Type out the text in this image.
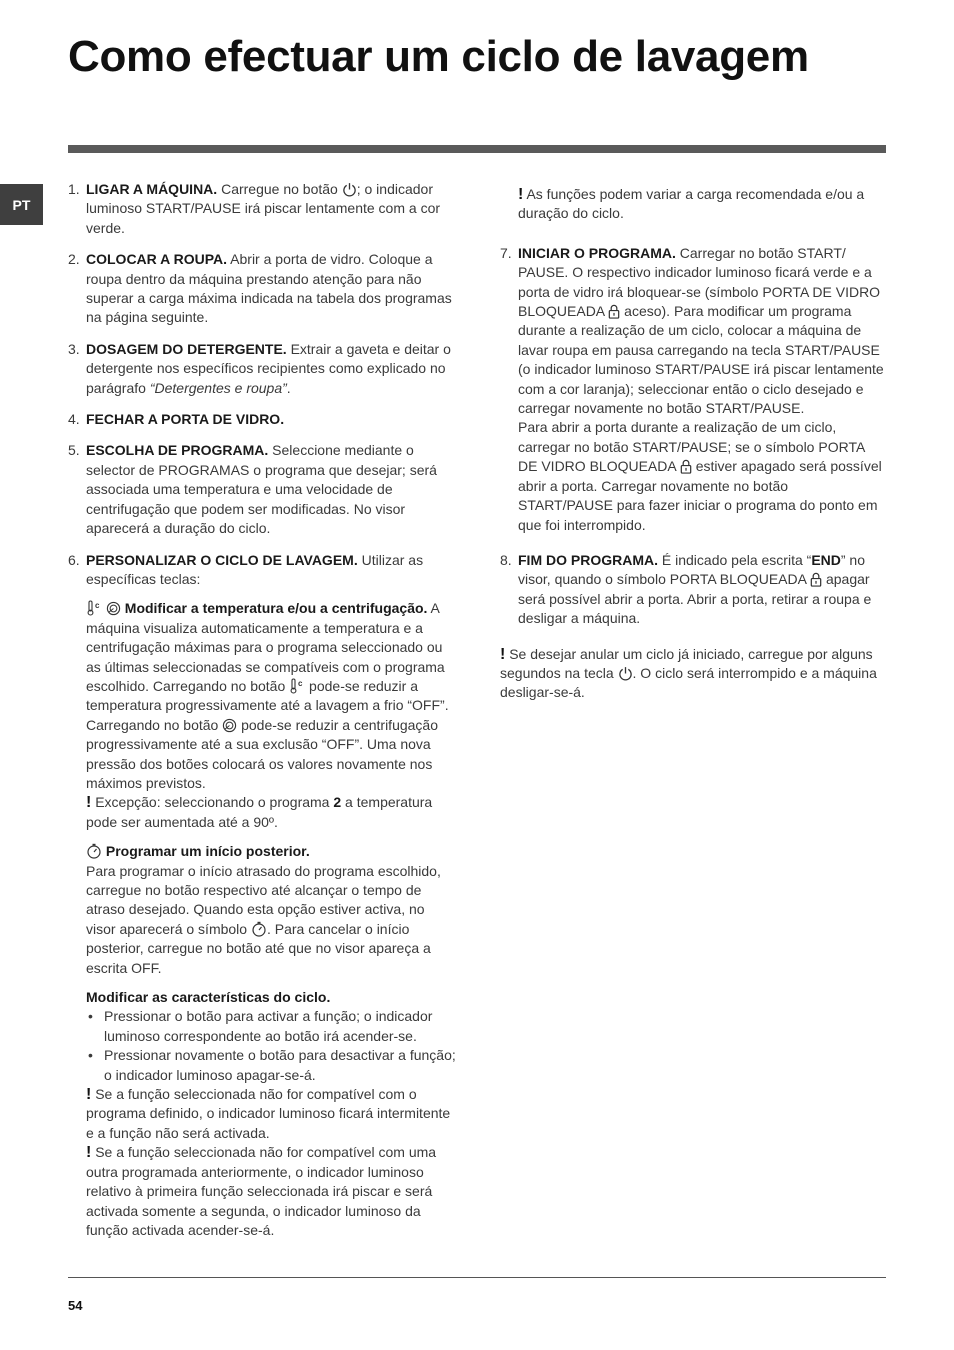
Como efectuar um ciclo de lavagem
PT
1. LIGAR A MÁQUINA. Carregue no botão
; o indicador luminoso START/PAUSE irá piscar lentamente com a cor verde.
2. COLOCAR A ROUPA. Abrir a porta de vidro. Coloque a roupa dentro da máquina prestando atenção para não superar a carga máxima indicada na tabela dos programas na página seguinte.
3. DOSAGEM DO DETERGENTE. Extrair a gaveta e deitar o detergente nos específicos recipientes como explicado no parágrafo “Detergentes e roupa”.
4. FECHAR A PORTA DE VIDRO.
5. ESCOLHA DE PROGRAMA. Seleccione mediante o selector de PROGRAMAS o programa que desejar; será associada uma temperatura e uma velocidade de centrifugação que podem ser modificadas. No visor aparecerá a duração do ciclo.
6. PERSONALIZAR O CICLO DE LAVAGEM. Utilizar as específicas teclas:
c
Modificar a temperatura e/ou a centrifugação. A máquina visualiza automaticamente a temperatura e a centrifugação máximas para o programa seleccionado ou as últimas seleccionadas se compatíveis com o programa escolhido. Carregando no botão c pode-se reduzir a temperatura progressivamente até a lavagem a frio “OFF”. Carregando no botão
pode-se reduzir a centrifugação progressivamente até a sua exclusão “OFF”. Uma nova pressão dos botões colocará os valores novamente nos máximos previstos.
! Excepção: seleccionando o programa 2 a temperatura pode ser aumentada até a 90º.
Programar um início posterior.
Para programar o início atrasado do programa escolhido, carregue no botão respectivo até alcançar o tempo de atraso desejado. Quando esta opção estiver activa, no visor aparecerá o símbolo
. Para cancelar o início posterior, carregue no botão até que no visor apareça a escrita OFF.
Modificar as características do ciclo.
• Pressionar o botão para activar a função; o indicador luminoso correspondente ao botão irá acender-se.
• Pressionar novamente o botão para desactivar a função; o indicador luminoso apagar-se-á.
! Se a função seleccionada não for compatível com o programa definido, o indicador luminoso ficará intermitente e a função não será activada.
! Se a função seleccionada não for compatível com uma outra programada anteriormente, o indicador luminoso relativo à primeira função seleccionada irá piscar e será activada somente a segunda, o indicador luminoso da função activada acender-se-á.
! As funções podem variar a carga recomendada e/ou a duração do ciclo.
7. INICIAR O PROGRAMA. Carregar no botão START/ PAUSE. O respectivo indicador luminoso ficará verde e a porta de vidro irá bloquear-se (símbolo PORTA DE VIDRO BLOQUEADA
aceso). Para modificar um programa durante a realização de um ciclo, colocar a máquina de lavar roupa em pausa carregando na tecla START/PAUSE (o indicador luminoso START/PAUSE irá piscar lentamente com a cor laranja); seleccionar então o ciclo desejado e carregar novamente no botão START/PAUSE.
Para abrir a porta durante a realização de um ciclo, carregar no botão START/PAUSE; se o símbolo PORTA DE VIDRO BLOQUEADA
estiver apagado será possível abrir a porta. Carregar novamente no botão START/PAUSE para fazer iniciar o programa do ponto em que foi interrompido.
8. FIM DO PROGRAMA. É indicado pela escrita “END” no visor, quando o símbolo PORTA BLOQUEADA
apagar será possível abrir a porta. Abrir a porta, retirar a roupa e desligar a máquina.
! Se desejar anular um ciclo já iniciado, carregue por alguns segundos na tecla
. O ciclo será interrompido e a máquina desligar-se-á.
54
